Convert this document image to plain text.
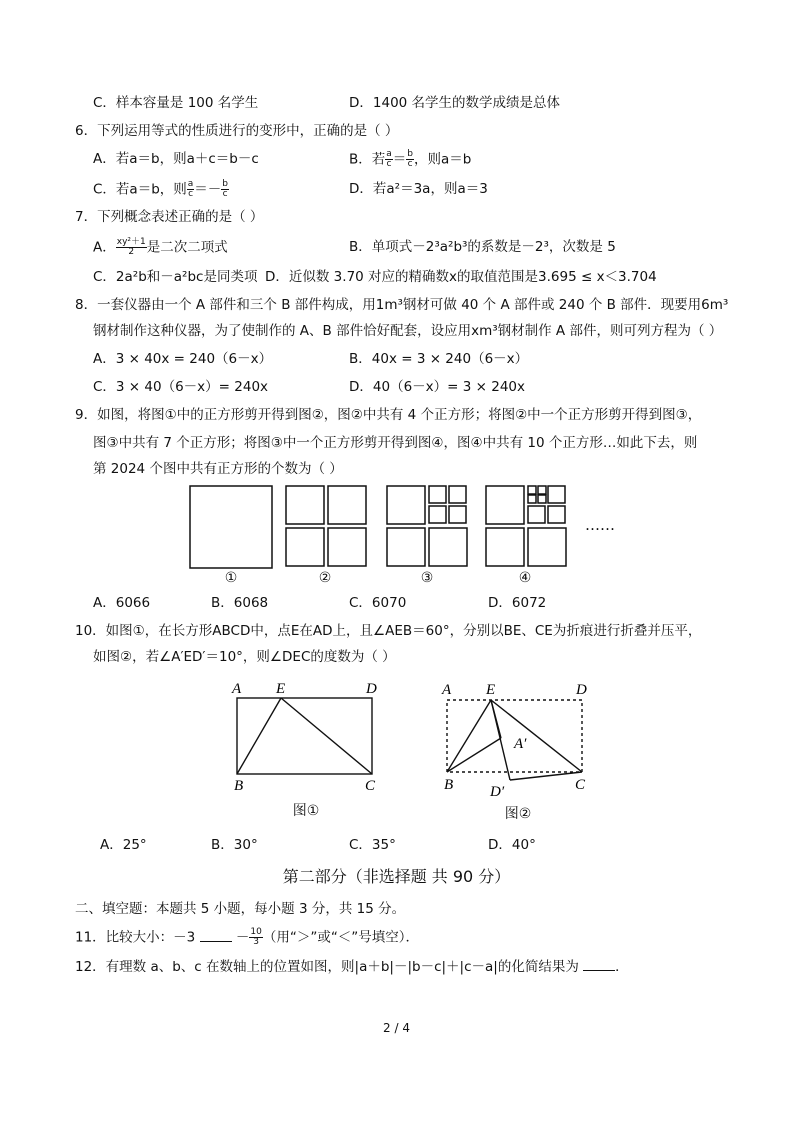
C．样本容量是 100 名学生	D．1400 名学生的数学成绩是总体
6．下列运用等式的性质进行的变形中，正确的是（ ）
A．若a＝b，则a＋c＝b－c	B．若 $\frac{a}{c} = \frac{b}{c}$ ，则a＝b
C．若a＝b，则 $\frac{a}{c} =- \frac{b}{c}$	D．若a²＝3a，则a＝3
7．下列概念表述正确的是（ ）
A． $\frac{\text{xy²＋1}}{2}$ 是二次二项式	B．单项式－2³a²b³的系数是－2³，次数是 5
C．2a²b和－a²bc是同类项 D．近似数 3.70 对应的精确数x的取值范围是3.695 ≤ x＜3.704
8．一套仪器由一个 A 部件和三个 B 部件构成，用1m³钢材可做 40 个 A 部件或 240 个 B 部件．现要用6m³
钢材制作这种仪器，为了使制作的 A、B 部件恰好配套，设应用xm³钢材制作 A 部件，则可列方程为（ ）
A．3 × 40x = 240（6－x）	B．40x = 3 × 240（6－x）
C．3 × 40（6－x）= 240x	D．40（6－x）= 3 × 240x
9．如图，将图①中的正方形剪开得到图②，图②中共有 4 个正方形；将图②中一个正方形剪开得到图③，
图③中共有 7 个正方形；将图③中一个正方形剪开得到图④，图④中共有 10 个正方形…如此下去，则
第 2024 个图中共有正方形的个数为（ ）
……
①	②	③	④
A．6066	B．6068	C．6070	D．6072
10．如图①，在长方形ABCD中，点E在AD上，且∠AEB＝60°，分别以BE、CE为折痕进行折叠并压平，
如图②，若∠A′ED′＝10°，则∠DEC的度数为（ ）
A E	D
B	C
图①
A E	D
A′
B D′	C
图②
A．25°	B．30°	C．35°	D．40°
第二部分（非选择题 共 90 分）
二、填空题：本题共 5 小题，每小题 3 分，共 15 分。
11．比较大小：－3	－ $\frac{10}{3}$ （用“＞”或“＜”号填空）．
12．有理数 a、b、c 在数轴上的位置如图，则|a＋b|－|b－c|＋|c－a|的化简结果为	．
2 / 4
